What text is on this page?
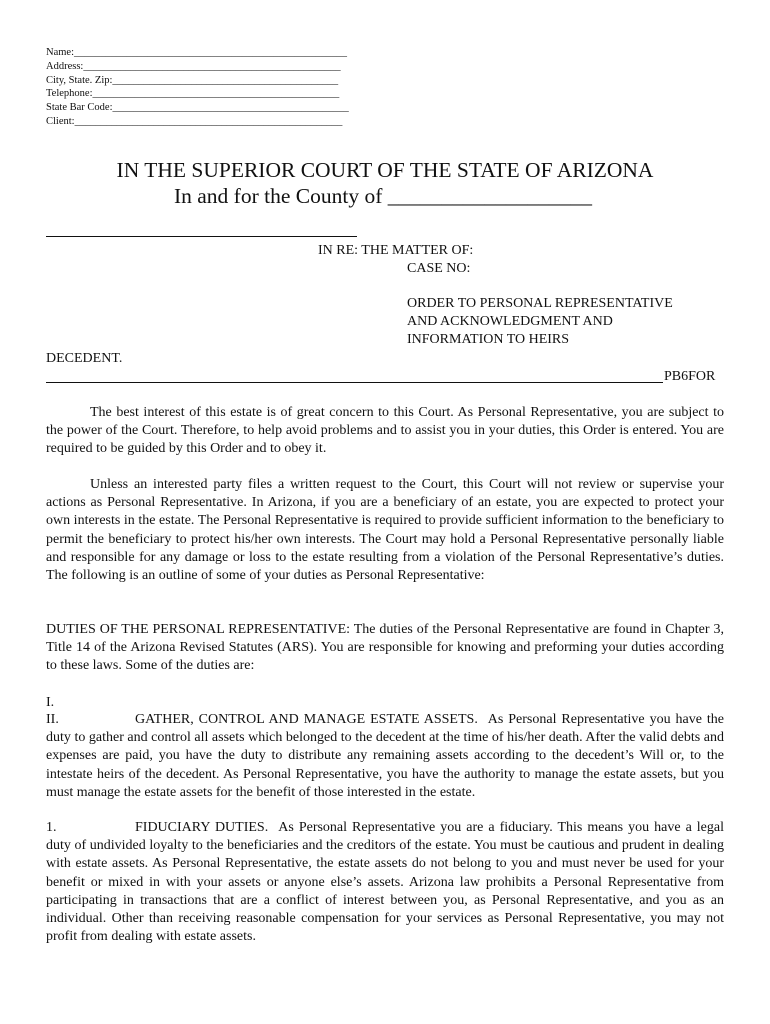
Name:____________________________________________________
Address:_________________________________________________
City, State. Zip:___________________________________________
Telephone:_______________________________________________
State Bar Code:_____________________________________________
Client:___________________________________________________
IN THE SUPERIOR COURT OF THE STATE OF ARIZONA
In and for the County of ___________________
IN RE: THE MATTER OF:
CASE NO:
ORDER TO PERSONAL REPRESENTATIVE
AND ACKNOWLEDGMENT AND
INFORMATION TO HEIRS
DECEDENT.
PB6FOR

The best interest of this estate is of great concern to this Court. As Personal Representative, you are subject to the power of the Court. Therefore, to help avoid problems and to assist you in your duties, this Order is entered. You are required to be guided by this Order and to obey it.

Unless an interested party files a written request to the Court, this Court will not review or supervise your actions as Personal Representative. In Arizona, if you are a beneficiary of an estate, you are expected to protect your own interests in the estate. The Personal Representative is required to provide sufficient information to the beneficiary to permit the beneficiary to protect his/her own interests. The Court may hold a Personal Representative personally liable and responsible for any damage or loss to the estate resulting from a violation of the Personal Representative’s duties. The following is an outline of some of your duties as Personal Representative:

DUTIES OF THE PERSONAL REPRESENTATIVE: The duties of the Personal Representative are found in Chapter 3, Title 14 of the Arizona Revised Statutes (ARS). You are responsible for knowing and preforming your duties according to these laws. Some of the duties are:

I.

II.	GATHER, CONTROL AND MANAGE ESTATE ASSETS. As Personal Representative you have the duty to gather and control all assets which belonged to the decedent at the time of his/her death. After the valid debts and expenses are paid, you have the duty to distribute any remaining assets according to the decedent’s Will or, to the intestate heirs of the decedent. As Personal Representative, you have the authority to manage the estate assets, but you must manage the estate assets for the benefit of those interested in the estate.

1.	FIDUCIARY DUTIES. As Personal Representative you are a fiduciary. This means you have a legal duty of undivided loyalty to the beneficiaries and the creditors of the estate. You must be cautious and prudent in dealing with estate assets. As Personal Representative, the estate assets do not belong to you and must never be used for your benefit or mixed in with your assets or anyone else’s assets. Arizona law prohibits a Personal Representative from participating in transactions that are a conflict of interest between you, as Personal Representative, and you as an individual. Other than receiving reasonable compensation for your services as Personal Representative, you may not profit from dealing with estate assets.
